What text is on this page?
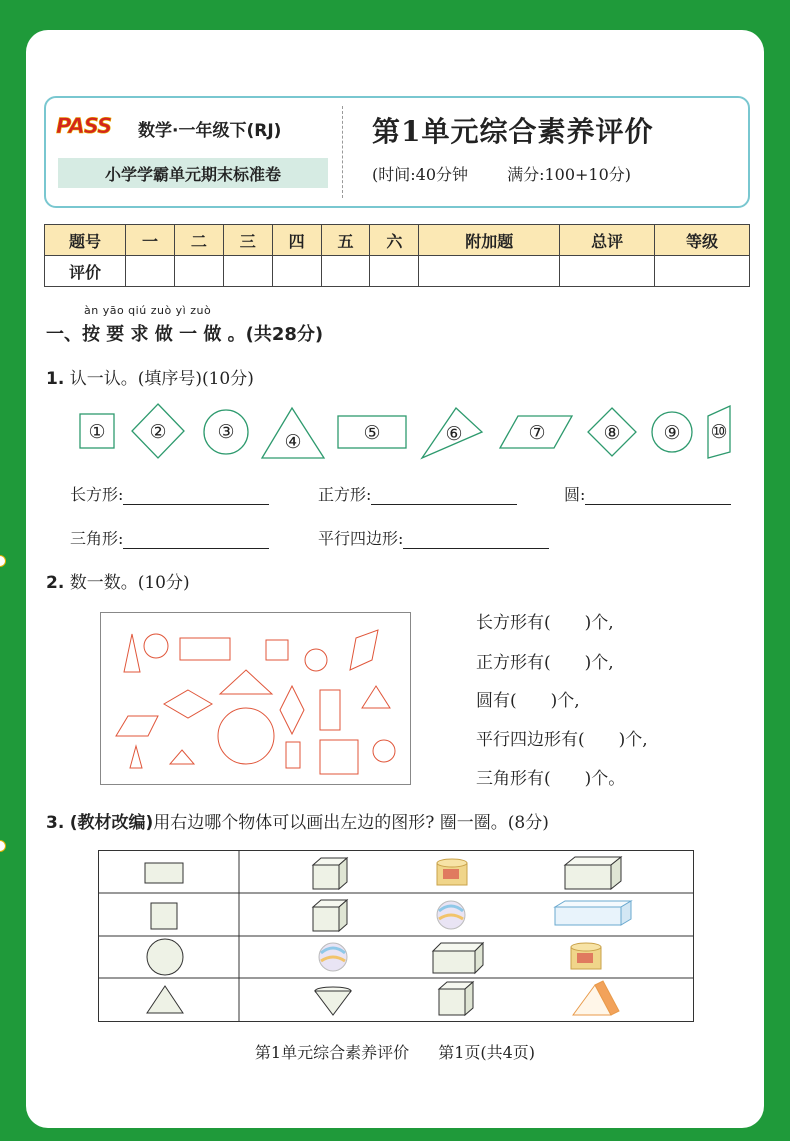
PASS 数学·一年级下(RJ)
小学学霸单元期末标准卷
第1单元综合素养评价
(时间:40分钟 满分:100+10分)
题号	一	二	三	四	五	六	附加题	总评	等级
评价									
àn yāo qiú zuò yì zuò
一、按 要 求 做 一 做 。(共28分)
1. 认一认。(填序号)(10分)
① ②	③	④	⑤	⑥	⑦	⑧ ⑨ ⑩
长方形:	正方形:	圆:
三角形:	平行四边形:
2. 数一数。(10分)
长方形有(　　)个,
正方形有(　　)个,
圆有(　　)个,
平行四边形有(　　)个,
三角形有(　　)个。
3. (教材改编)用右边哪个物体可以画出左边的图形? 圈一圈。(8分)
第1单元综合素养评价 第1页(共4页)
